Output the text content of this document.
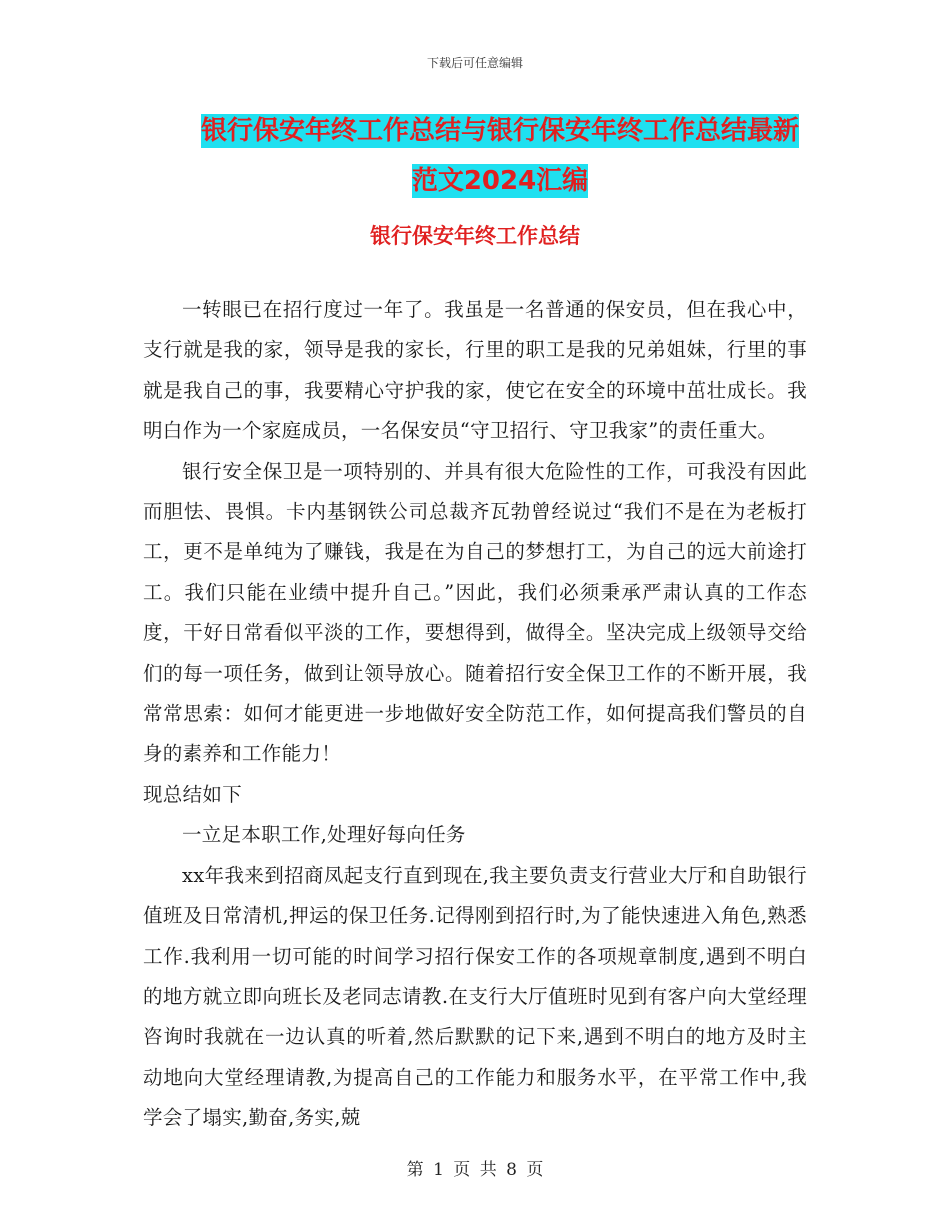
下载后可任意编辑
银行保安年终工作总结与银行保安年终工作总结最新
范文2024汇编
银行保安年终工作总结

一转眼已在招行度过一年了。我虽是一名普通的保安员，但在我心中，支行就是我的家，领导是我的家长，行里的职工是我的兄弟姐妹，行里的事就是我自己的事，我要精心守护我的家，使它在安全的环境中茁壮成长。我明白作为一个家庭成员，一名保安员“守卫招行、守卫我家”的责任重大。

银行安全保卫是一项特别的、并具有很大危险性的工作，可我没有因此而胆怯、畏惧。卡内基钢铁公司总裁齐瓦勃曾经说过“我们不是在为老板打工，更不是单纯为了赚钱，我是在为自己的梦想打工，为自己的远大前途打工。我们只能在业绩中提升自己。”因此，我们必须秉承严肃认真的工作态度，干好日常看似平淡的工作，要想得到，做得全。坚决完成上级领导交给们的每一项任务，做到让领导放心。随着招行安全保卫工作的不断开展，我常常思索：如何才能更进一步地做好安全防范工作，如何提高我们警员的自身的素养和工作能力！

现总结如下

一立足本职工作,处理好每向任务

xx年我来到招商凤起支行直到现在,我主要负责支行营业大厅和自助银行值班及日常清机,押运的保卫任务.记得刚到招行时,为了能快速进入角色,熟悉工作.我利用一切可能的时间学习招行保安工作的各项规章制度,遇到不明白的地方就立即向班长及老同志请教.在支行大厅值班时见到有客户向大堂经理咨询时我就在一边认真的听着,然后默默的记下来,遇到不明白的地方及时主动地向大堂经理请教,为提高自己的工作能力和服务水平，在平常工作中,我学会了塌实,勤奋,务实,兢

第 1 页 共 8 页
